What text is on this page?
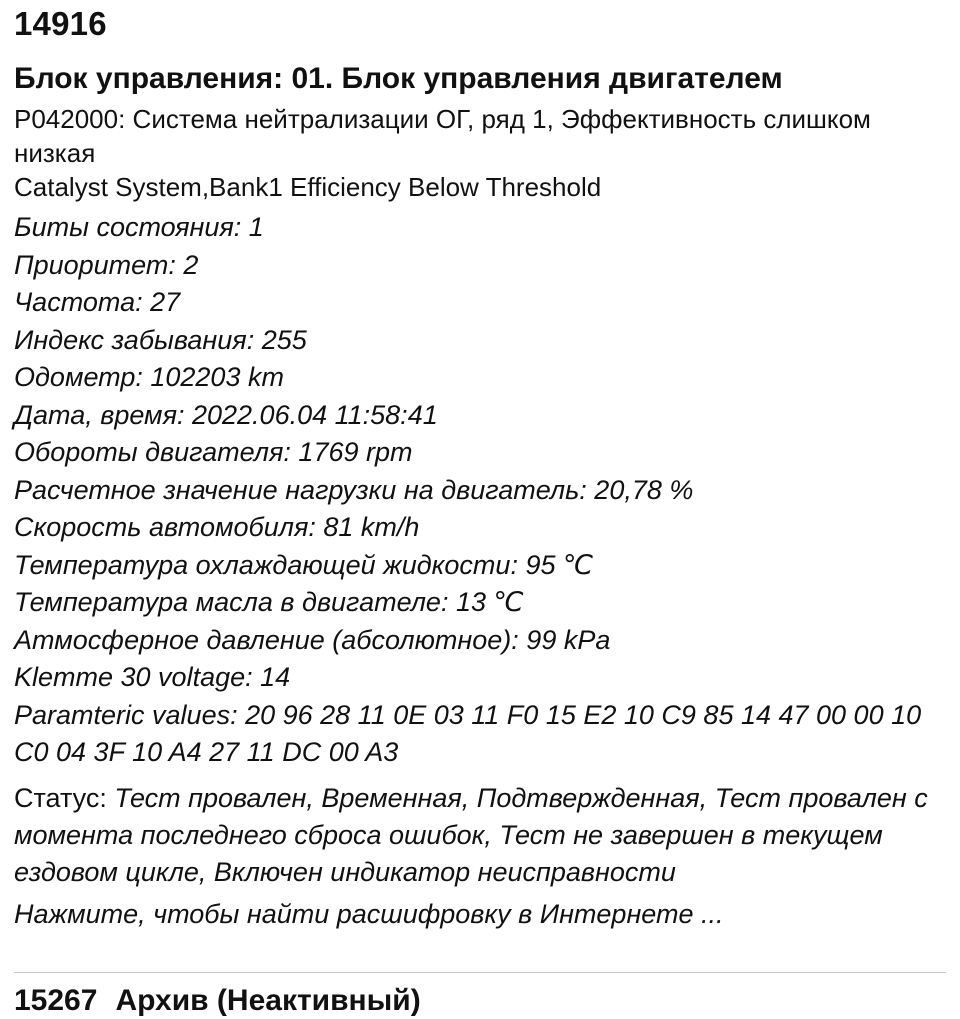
14916
Блок управления: 01. Блок управления двигателем
P042000: Система нейтрализации ОГ, ряд 1, Эффективность слишком низкая
Catalyst System,Bank1 Efficiency Below Threshold
Биты состояния: 1
Приоритет: 2
Частота: 27
Индекс забывания: 255
Одометр: 102203 km
Дата, время: 2022.06.04 11:58:41
Обороты двигателя: 1769 rpm
Расчетное значение нагрузки на двигатель: 20,78 %
Скорость автомобиля: 81 km/h
Температура охлаждающей жидкости: 95 ℃
Температура масла в двигателе: 13 ℃
Атмосферное давление (абсолютное): 99 kPa
Klemme 30 voltage: 14
Paramteric values: 20 96 28 11 0E 03 11 F0 15 E2 10 C9 85 14 47 00 00 10 C0 04 3F 10 A4 27 11 DC 00 A3
Статус: Тест провален, Временная, Подтвержденная, Тест провален с момента последнего сброса ошибок, Тест не завершен в текущем ездовом цикле, Включен индикатор неисправности
Нажмите, чтобы найти расшифровку в Интернете ...
15267 Архив (Неактивный)
